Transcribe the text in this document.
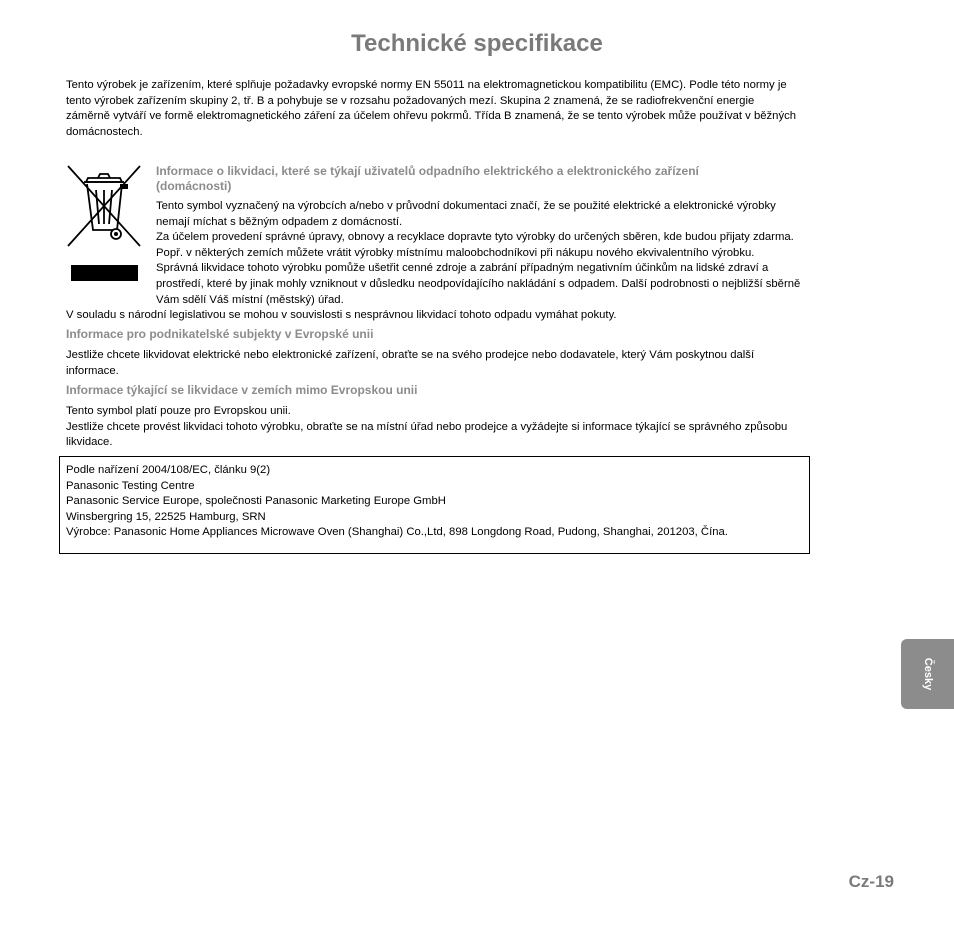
Technické specifikace

Tento výrobek je zařízením, které splňuje požadavky evropské normy EN 55011 na elektromagnetickou kompatibilitu (EMC). Podle této normy je
tento výrobek zařízením skupiny 2, tř. B a pohybuje se v rozsahu požadovaných mezí. Skupina 2 znamená, že se radiofrekvenční energie
záměrně vytváří ve formě elektromagnetického záření za účelem ohřevu pokrmů. Třída B znamená, že se tento výrobek může používat v běžných
domácnostech.

Informace o likvidaci, které se týkají uživatelů odpadního elektrického a elektronického zařízení
(domácnosti)

Tento symbol vyznačený na výrobcích a/nebo v průvodní dokumentaci značí, že se použité elektrické a elektronické výrobky
nemají míchat s běžným odpadem z domácností.
Za účelem provedení správné úpravy, obnovy a recyklace dopravte tyto výrobky do určených sběren, kde budou přijaty zdarma.
Popř. v některých zemích můžete vrátit výrobky místnímu maloobchodníkovi při nákupu nového ekvivalentního výrobku.
Správná likvidace tohoto výrobku pomůže ušetřit cenné zdroje a zabrání případným negativním účinkům na lidské zdraví a
prostředí, které by jinak mohly vzniknout v důsledku neodpovídajícího nakládání s odpadem. Další podrobnosti o nejbližší sběrně
Vám sdělí Váš místní (městský) úřad.

V souladu s národní legislativou se mohou v souvislosti s nesprávnou likvidací tohoto odpadu vymáhat pokuty.

Informace pro podnikatelské subjekty v Evropské unii

Jestliže chcete likvidovat elektrické nebo elektronické zařízení, obraťte se na svého prodejce nebo dodavatele, který Vám poskytnou další
informace.

Informace týkající se likvidace v zemích mimo Evropskou unii

Tento symbol platí pouze pro Evropskou unii.
Jestliže chcete provést likvidaci tohoto výrobku, obraťte se na místní úřad nebo prodejce a vyžádejte si informace týkající se správného způsobu
likvidace.

Podle nařízení 2004/108/EC, článku 9(2)
Panasonic Testing Centre
Panasonic Service Europe, společnosti Panasonic Marketing Europe GmbH
Winsbergring 15, 22525 Hamburg, SRN
Výrobce: Panasonic Home Appliances Microwave Oven (Shanghai) Co.,Ltd, 898 Longdong Road, Pudong, Shanghai, 201203, Čína.
Česky
Cz-19
